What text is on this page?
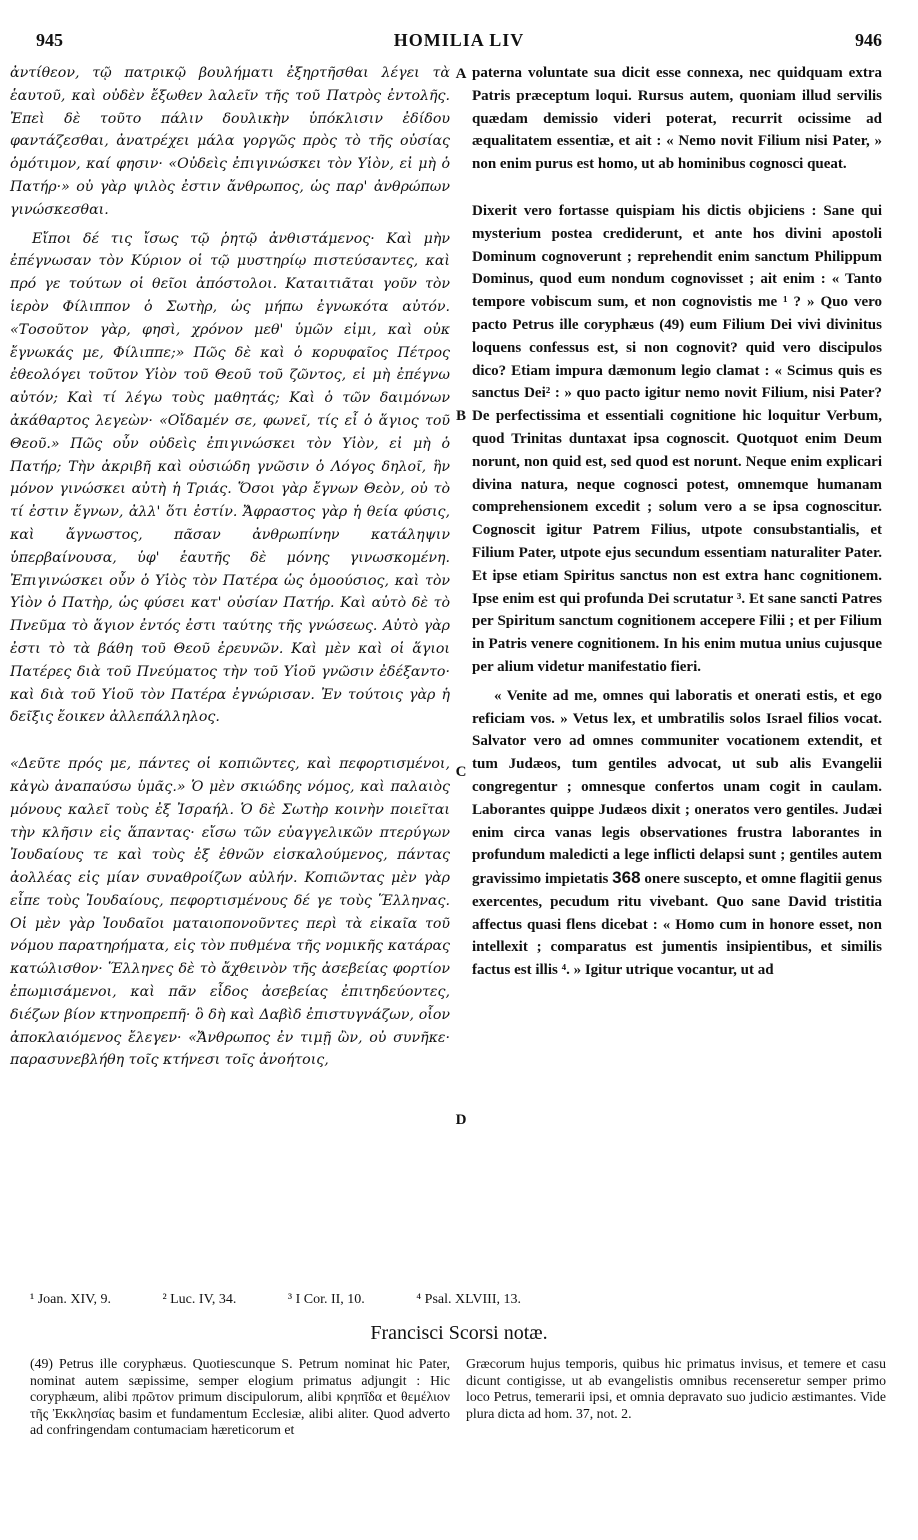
945	HOMILIA LIV	946

ἀντίθεον, τῷ πατρικῷ βουλήματι ἐξηρτῆσθαι λέγει τὰ ἑαυτοῦ, καὶ οὐδὲν ἔξωθεν λαλεῖν τῆς τοῦ Πατρὸς ἐντολῆς. Ἐπεὶ δὲ τοῦτο πάλιν δουλικὴν ὑπόκλισιν ἐδίδου φαντάζεσθαι, ἀνατρέχει μάλα γοργῶς πρὸς τὸ τῆς οὐσίας ὁμότιμον, καί φησιν· «Οὐδεὶς ἐπιγινώσκει τὸν Υἱὸν, εἰ μὴ ὁ Πατήρ·» οὐ γὰρ ψιλὸς ἐστιν ἄνθρωπος, ὡς παρ' ἀνθρώπων γινώσκεσθαι.

Εἴποι δέ τις ἴσως τῷ ῥητῷ ἀνθιστάμενος· Καὶ μὴν ἐπέγνωσαν τὸν Κύριον οἱ τῷ μυστηρίῳ πιστεύσαντες, καὶ πρό γε τούτων οἱ θεῖοι ἀπόστολοι. Καταιτιᾶται γοῦν τὸν ἱερὸν Φίλιππον ὁ Σωτὴρ, ὡς μήπω ἐγνωκότα αὐτόν. «Τοσοῦτον γὰρ, φησὶ, χρόνον μεθ' ὑμῶν εἰμι, καὶ οὐκ ἔγνωκάς με, Φίλιππε;» Πῶς δὲ καὶ ὁ κορυφαῖος Πέτρος ἐθεολόγει τοῦτον Υἱὸν τοῦ Θεοῦ τοῦ ζῶντος, εἰ μὴ ἐπέγνω αὐτόν; Καὶ τί λέγω τοὺς μαθητάς; Καὶ ὁ τῶν δαιμόνων ἀκάθαρτος λεγεὼν· «Οἴδαμέν σε, φωνεῖ, τίς εἶ ὁ ἅγιος τοῦ Θεοῦ.» Πῶς οὖν οὐδεὶς ἐπιγινώσκει τὸν Υἱὸν, εἰ μὴ ὁ Πατήρ; Τὴν ἀκριβῆ καὶ οὐσιώδη γνῶσιν ὁ Λόγος δηλοῖ, ἣν μόνον γινώσκει αὐτὴ ἡ Τριάς. Ὅσοι γὰρ ἔγνων Θεὸν, οὐ τὸ τί ἐστιν ἔγνων, ἀλλ' ὅτι ἐστίν. Ἄφραστος γὰρ ἡ θεία φύσις, καὶ ἄγνωστος, πᾶσαν ἀνθρωπίνην κατάληψιν ὑπερβαίνουσα, ὑφ' ἑαυτῆς δὲ μόνης γινωσκομένη. Ἐπιγινώσκει οὖν ὁ Υἱὸς τὸν Πατέρα ὡς ὁμοούσιος, καὶ τὸν Υἱὸν ὁ Πατὴρ, ὡς φύσει κατ' οὐσίαν Πατήρ. Καὶ αὐτὸ δὲ τὸ Πνεῦμα τὸ ἅγιον ἐντός ἐστι ταύτης τῆς γνώσεως. Αὐτὸ γὰρ ἐστι τὸ τὰ βάθη τοῦ Θεοῦ ἐρευνῶν. Καὶ μὲν καὶ οἱ ἅγιοι Πατέρες διὰ τοῦ Πνεύματος τὴν τοῦ Υἱοῦ γνῶσιν ἐδέξαντο· καὶ διὰ τοῦ Υἱοῦ τὸν Πατέρα ἐγνώρισαν. Ἐν τούτοις γὰρ ἡ δεῖξις ἔοικεν ἀλλεπάλληλος.

«Δεῦτε πρός με, πάντες οἱ κοπιῶντες, καὶ πεφορτισμένοι, κἀγὼ ἀναπαύσω ὑμᾶς.» Ὁ μὲν σκιώδης νόμος, καὶ παλαιὸς μόνους καλεῖ τοὺς ἐξ Ἰσραήλ. Ὁ δὲ Σωτὴρ κοινὴν ποιεῖται τὴν κλῆσιν εἰς ἅπαντας· εἴσω τῶν εὐαγγελικῶν πτερύγων Ἰουδαίους τε καὶ τοὺς ἐξ ἐθνῶν εἰσκαλούμενος, πάντας ἀολλέας εἰς μίαν συναθροίζων αὐλήν. Κοπιῶντας μὲν γὰρ εἶπε τοὺς Ἰουδαίους, πεφορτισμένους δέ γε τοὺς Ἕλληνας. Οἱ μὲν γὰρ Ἰουδαῖοι ματαιοπονοῦντες περὶ τὰ εἰκαῖα τοῦ νόμου παρατηρήματα, εἰς τὸν πυθμένα τῆς νομικῆς κατάρας κατώλισθον· Ἕλληνες δὲ τὸ ἄχθεινὸν τῆς ἀσεβείας φορτίον ἐπωμισάμενοι, καὶ πᾶν εἶδος ἀσεβείας ἐπιτηδεύοντες, διέζων βίον κτηνοπρεπῆ· ὃ δὴ καὶ Δαβὶδ ἐπιστυγνάζων, οἷον ἀποκλαιόμενος ἔλεγεν· «Ἄνθρωπος ἐν τιμῇ ὢν, οὐ συνῆκε· παρασυνεβλήθη τοῖς κτήνεσι τοῖς ἀνοήτοις,

A
B
C
D

paterna voluntate sua dicit esse connexa, nec quidquam extra Patris præceptum loqui. Rursus autem, quoniam illud servilis quædam demissio videri poterat, recurrit ocissime ad æqualitatem essentiæ, et ait : « Nemo novit Filium nisi Pater, » non enim purus est homo, ut ab hominibus cognosci queat.

Dixerit vero fortasse quispiam his dictis objiciens : Sane qui mysterium postea crediderunt, et ante hos divini apostoli Dominum cognoverunt ; reprehendit enim sanctum Philippum Dominus, quod eum nondum cognovisset ; ait enim : « Tanto tempore vobiscum sum, et non cognovistis me ¹ ? » Quo vero pacto Petrus ille coryphæus (49) eum Filium Dei vivi divinitus loquens confessus est, si non cognovit? quid vero discipulos dico? Etiam impura dæmonum legio clamat : « Scimus quis es sanctus Dei² : » quo pacto igitur nemo novit Filium, nisi Pater? De perfectissima et essentiali cognitione hic loquitur Verbum, quod Trinitas duntaxat ipsa cognoscit. Quotquot enim Deum norunt, non quid est, sed quod est norunt. Neque enim explicari divina natura, neque cognosci potest, omnemque humanam comprehensionem excedit ; solum vero a se ipsa cognoscitur. Cognoscit igitur Patrem Filius, utpote consubstantialis, et Filium Pater, utpote ejus secundum essentiam naturaliter Pater. Et ipse etiam Spiritus sanctus non est extra hanc cognitionem. Ipse enim est qui profunda Dei scrutatur ³. Et sane sancti Patres per Spiritum sanctum cognitionem accepere Filii ; et per Filium in Patris venere cognitionem. In his enim mutua unius cujusque per alium videtur manifestatio fieri.

« Venite ad me, omnes qui laboratis et onerati estis, et ego reficiam vos. » Vetus lex, et umbratilis solos Israel filios vocat. Salvator vero ad omnes communiter vocationem extendit, et tum Judæos, tum gentiles advocat, ut sub alis Evangelii congregentur ; omnesque confertos unam cogit in caulam. Laborantes quippe Judæos dixit ; oneratos vero gentiles. Judæi enim circa vanas legis observationes frustra laborantes in profundum maledicti a lege inflicti delapsi sunt ; gentiles autem gravissimo impietatis 368 onere suscepto, et omne flagitii genus exercentes, pecudum ritu vivebant. Quo sane David tristitia affectus quasi flens dicebat : « Homo cum in honore esset, non intellexit ; comparatus est jumentis insipientibus, et similis factus est illis ⁴. » Igitur utrique vocantur, ut ad

¹ Joan. XIV, 9.	² Luc. IV, 34.	³ I Cor. II, 10.	⁴ Psal. XLVIII, 13.
Francisci Scorsi notæ.
(49) Petrus ille coryphæus. Quotiescunque S. Petrum nominat hic Pater, nominat autem sæpissime, semper elogium primatus adjungit : Hic coryphæum, alibi πρῶτον primum discipulorum, alibi κρηπῖδα et θεμέλιον τῆς Ἐκκλησίας basim et fundamentum Ecclesiæ, alibi aliter. Quod adverto ad confringendam contumaciam hæreticorum et
Græcorum hujus temporis, quibus hic primatus invisus, et temere et casu dicunt contigisse, ut ab evangelistis omnibus recenseretur semper primo loco Petrus, temerarii ipsi, et omnia depravato suo judicio æstimantes. Vide plura dicta ad hom. 37, not. 2.
